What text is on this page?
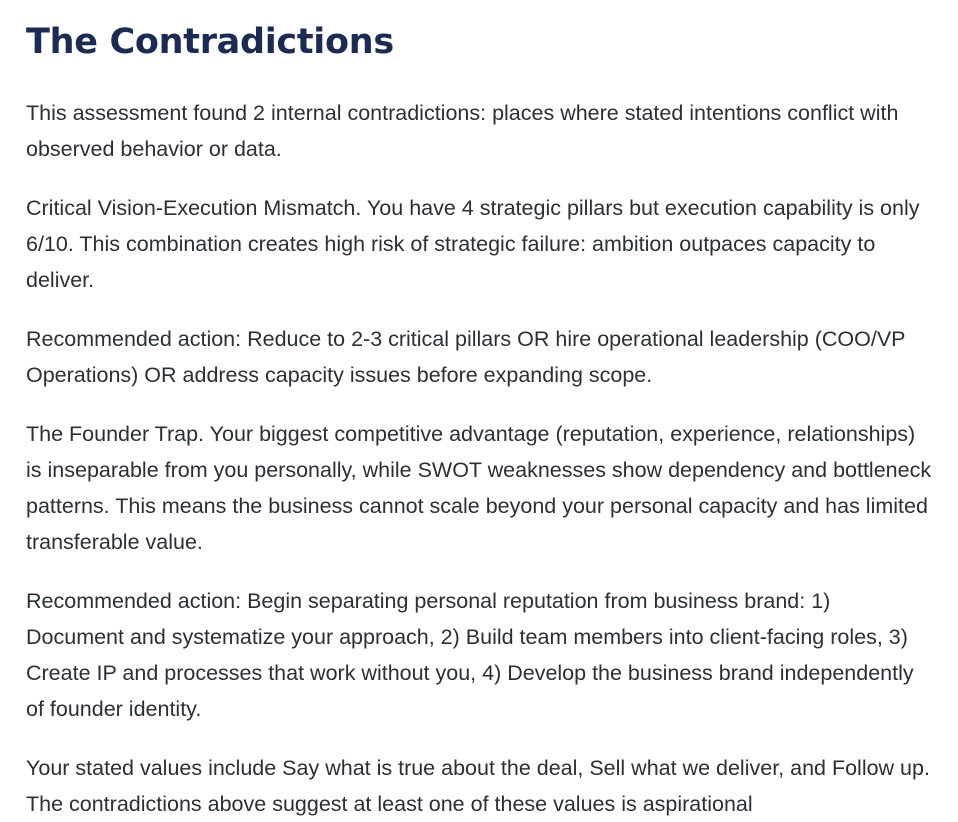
The Contradictions

This assessment found 2 internal contradictions: places where stated intentions conflict with observed behavior or data.

Critical Vision-Execution Mismatch. You have 4 strategic pillars but execution capability is only 6/10. This combination creates high risk of strategic failure: ambition outpaces capacity to deliver.

Recommended action: Reduce to 2-3 critical pillars OR hire operational leadership (COO/VP Operations) OR address capacity issues before expanding scope.

The Founder Trap. Your biggest competitive advantage (reputation, experience, relationships) is inseparable from you personally, while SWOT weaknesses show dependency and bottleneck patterns. This means the business cannot scale beyond your personal capacity and has limited transferable value.

Recommended action: Begin separating personal reputation from business brand: 1) Document and systematize your approach, 2) Build team members into client-facing roles, 3) Create IP and processes that work without you, 4) Develop the business brand independently of founder identity.

Your stated values include Say what is true about the deal, Sell what we deliver, and Follow up. The contradictions above suggest at least one of these values is aspirational
